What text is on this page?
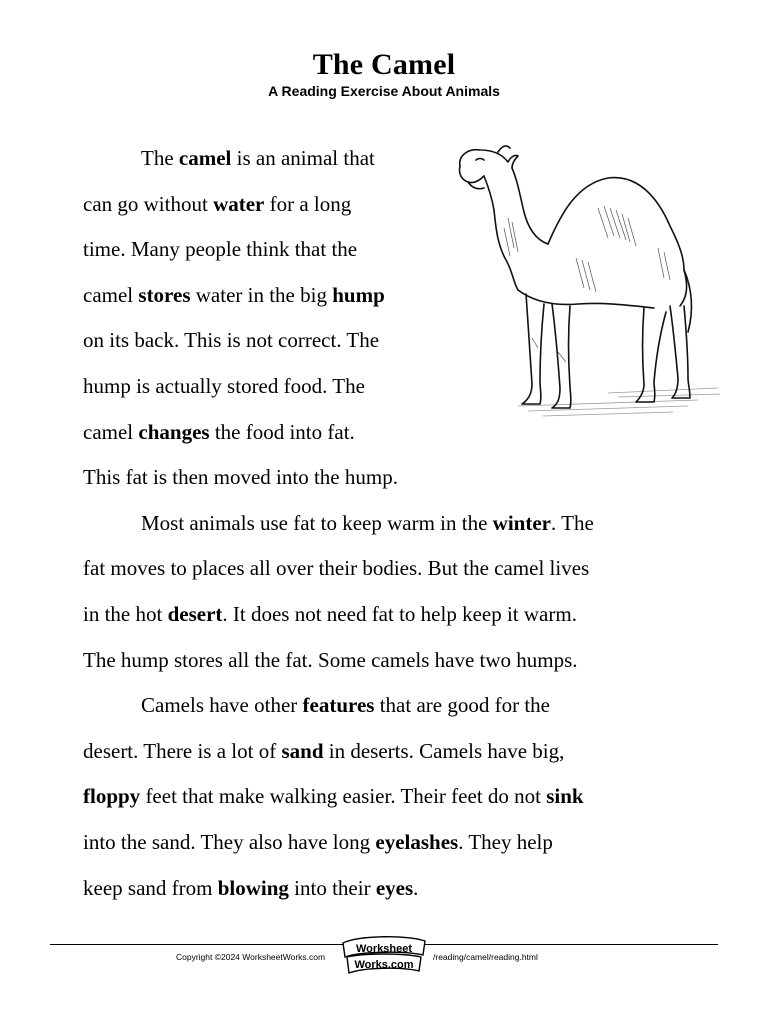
The Camel
A Reading Exercise About Animals
The camel is an animal that
can go without water for a long
time. Many people think that the
camel stores water in the big hump
on its back. This is not correct. The
hump is actually stored food. The
camel changes the food into fat.
This fat is then moved into the hump.
Most animals use fat to keep warm in the winter. The
fat moves to places all over their bodies. But the camel lives
in the hot desert. It does not need fat to help keep it warm.
The hump stores all the fat. Some camels have two humps.
Camels have other features that are good for the
desert. There is a lot of sand in deserts. Camels have big,
floppy feet that make walking easier. Their feet do not sink
into the sand. They also have long eyelashes. They help
keep sand from blowing into their eyes.
Copyright ©2024 WorksheetWorks.com
Worksheet
Works.com
/reading/camel/reading.html
